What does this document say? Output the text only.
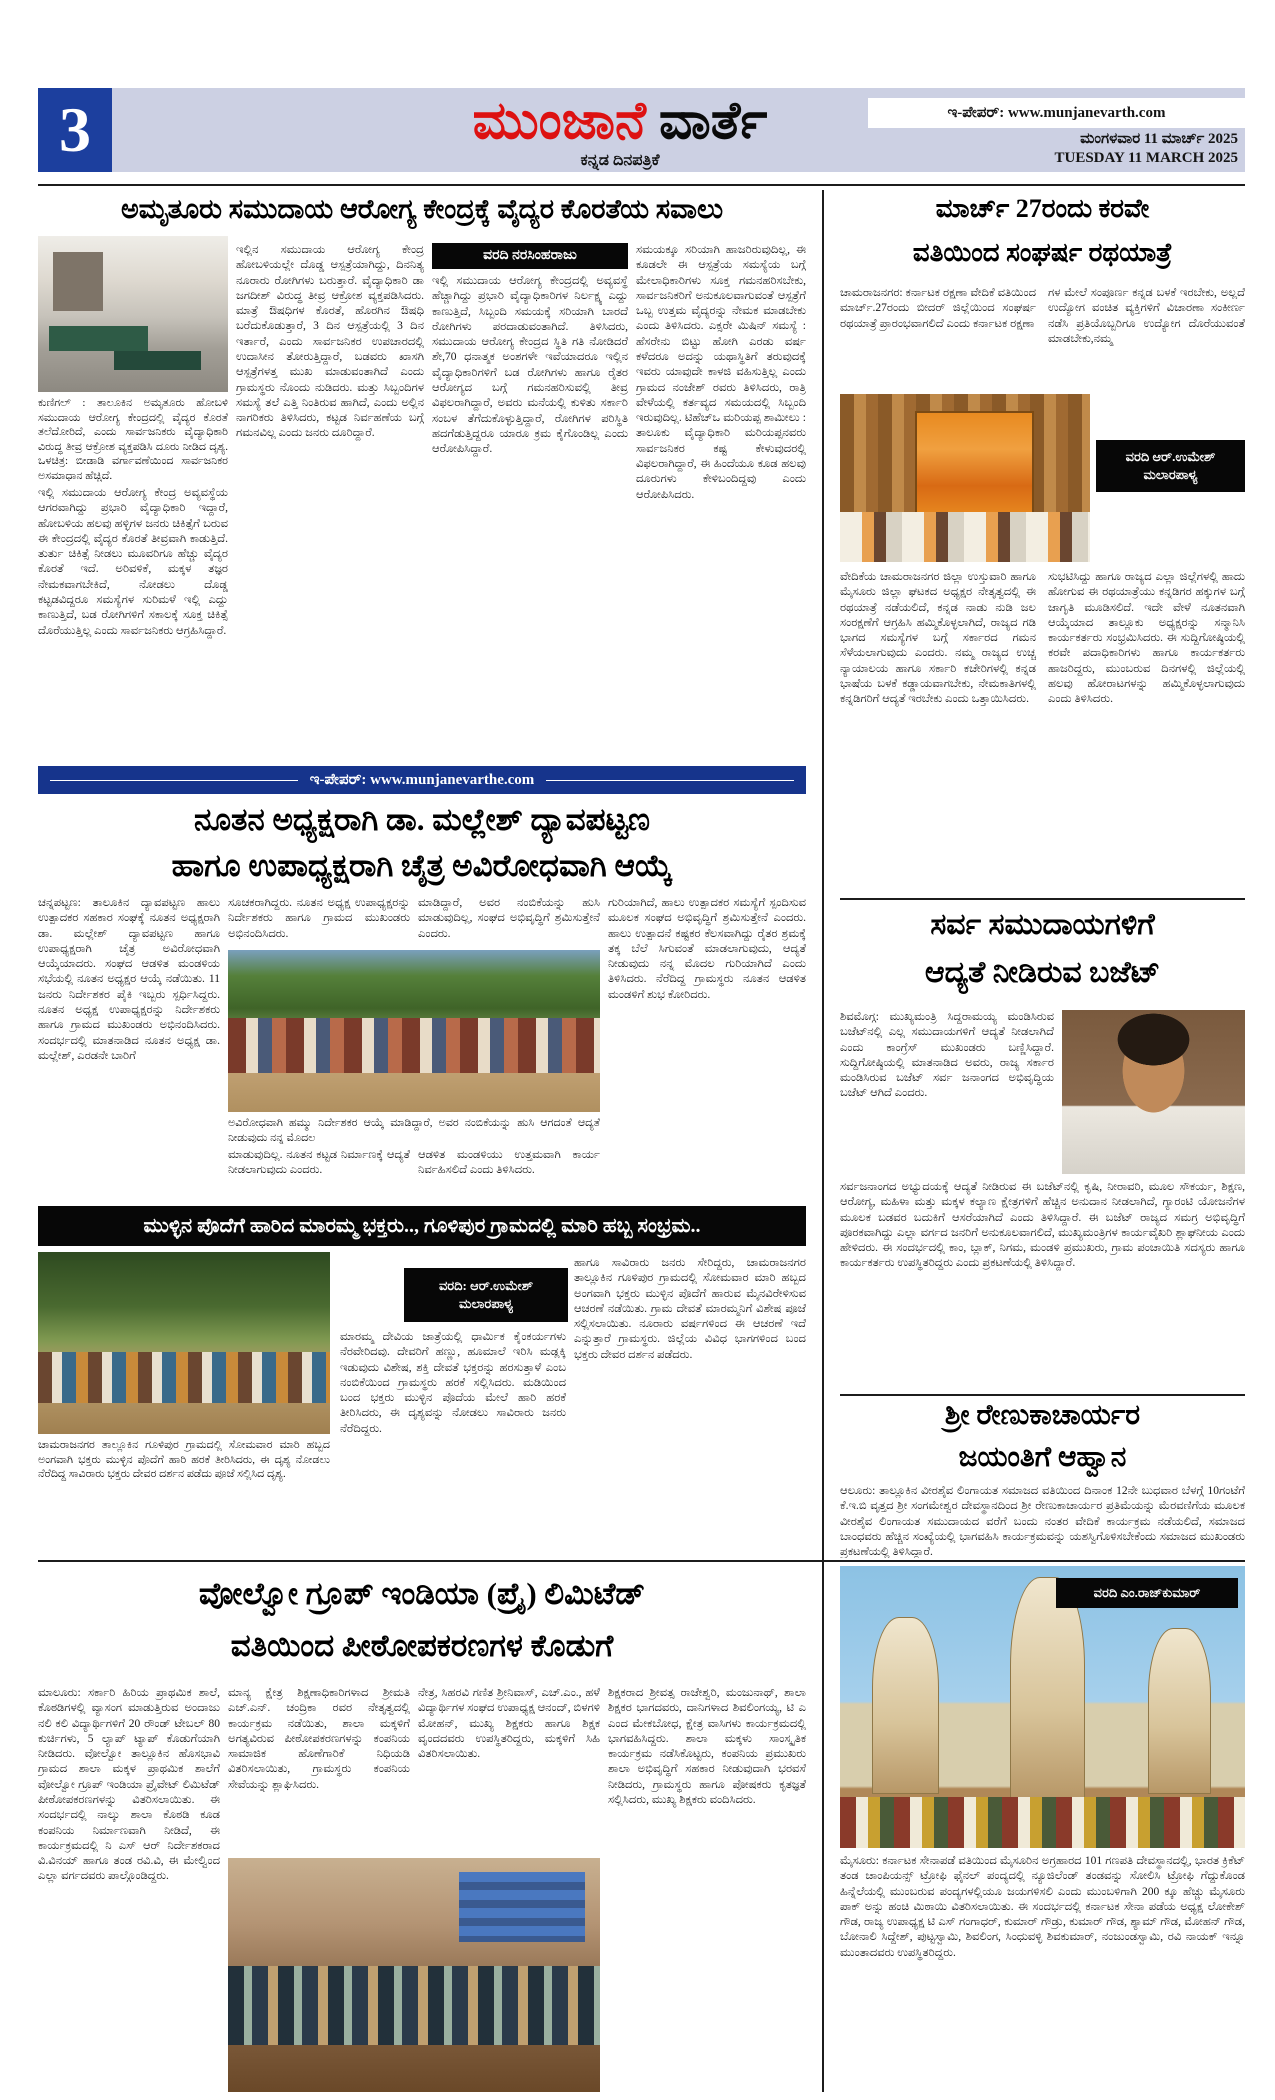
3	ಮುಂಜಾನೆ ವಾರ್ತೆ
ಕನ್ನಡ ದಿನಪತ್ರಿಕೆ
ಇ-ಪೇಪರ್: www.munjanevarth.com
ಮಂಗಳವಾರ 11 ಮಾರ್ಚ್ 2025
TUESDAY 11 MARCH 2025
ಅಮೃತೂರು ಸಮುದಾಯ ಆರೋಗ್ಯ ಕೇಂದ್ರಕ್ಕೆ ವೈದ್ಯರ ಕೊರತೆಯ ಸವಾಲು
ವರದಿ ನರಸಿಂಹರಾಜು
ಕುಣಿಗಲ್ : ತಾಲೂಕಿನ ಅಮೃತೂರು ಹೋಬಳಿ ಸಮುದಾಯ ಆರೋಗ್ಯ ಕೇಂದ್ರದಲ್ಲಿ ವೈದ್ಯರ ಕೊರತೆ ತಲೆದೋರಿದೆ, ಎಂದು ಸಾರ್ವಜನಿಕರು ವೈದ್ಯಾಧಿಕಾರಿ ವಿರುದ್ಧ ತೀವ್ರ ಆಕ್ರೋಶ ವ್ಯಕ್ತಪಡಿಸಿ ದೂರು ನೀಡಿದ ದೃಶ್ಯ. ಒಳಚಿತ್ರ: ಬೀಡಾಡಿ ವರ್ಗಾವಣೆಯಿಂದ ಸಾರ್ವಜನಿಕರ ಅಸಮಾಧಾನ ಹೆಚ್ಚಿದೆ.
ಇಲ್ಲಿ ಸಮುದಾಯ ಆರೋಗ್ಯ ಕೇಂದ್ರ ಅವ್ಯವಸ್ಥೆಯ ಆಗರವಾಗಿದ್ದು ಪ್ರಭಾರಿ ವೈದ್ಯಾಧಿಕಾರಿ ಇದ್ದಾರೆ, ಹೋಬಳಿಯ ಹಲವು ಹಳ್ಳಿಗಳ ಜನರು ಚಿಕಿತ್ಸೆಗೆ ಬರುವ ಈ ಕೇಂದ್ರದಲ್ಲಿ ವೈದ್ಯರ ಕೊರತೆ ತೀವ್ರವಾಗಿ ಕಾಡುತ್ತಿದೆ. ತುರ್ತು ಚಿಕಿತ್ಸೆ ನೀಡಲು ಮೂವರಿಗೂ ಹೆಚ್ಚು ವೈದ್ಯರ ಕೊರತೆ ಇದೆ. ಅರಿವಳಿಕೆ, ಮಕ್ಕಳ ತಜ್ಞರ ನೇಮಕವಾಗಬೇಕಿದೆ, ನೋಡಲು ದೊಡ್ಡ ಕಟ್ಟಡವಿದ್ದರೂ ಸಮಸ್ಯೆಗಳ ಸುರಿಮಳೆ ಇಲ್ಲಿ ಎದ್ದು ಕಾಣುತ್ತಿದೆ, ಬಡ ರೋಗಿಗಳಿಗೆ ಸಕಾಲಕ್ಕೆ ಸೂಕ್ತ ಚಿಕಿತ್ಸೆ ದೊರೆಯುತ್ತಿಲ್ಲ ಎಂದು ಸಾರ್ವಜನಿಕರು ಆಗ್ರಹಿಸಿದ್ದಾರೆ.
ಇಲ್ಲಿನ ಸಮುದಾಯ ಆರೋಗ್ಯ ಕೇಂದ್ರ ಹೋಬಳಿಯಲ್ಲೇ ದೊಡ್ಡ ಆಸ್ಪತ್ರೆಯಾಗಿದ್ದು, ದಿನನಿತ್ಯ ನೂರಾರು ರೋಗಿಗಳು ಬರುತ್ತಾರೆ. ವೈದ್ಯಾಧಿಕಾರಿ ಡಾ ಜಗದೀಶ್ ವಿರುದ್ಧ ತೀವ್ರ ಆಕ್ರೋಶ ವ್ಯಕ್ತಪಡಿಸಿದರು. ಮಾತ್ರೆ ಔಷಧಿಗಳ ಕೊರತೆ, ಹೊರಗಿನ ಔಷಧಿ ಬರೆದುಕೊಡುತ್ತಾರೆ, 3 ದಿನ ಆಸ್ಪತ್ರೆಯಲ್ಲಿ 3 ದಿನ ಇರ್ತಾರೆ, ಎಂದು ಸಾರ್ವಜನಿಕರ ಉಪಚಾರದಲ್ಲಿ ಉದಾಸೀನ ತೋರುತ್ತಿದ್ದಾರೆ, ಬಡವರು ಖಾಸಗಿ ಆಸ್ಪತ್ರೆಗಳತ್ತ ಮುಖ ಮಾಡುವಂತಾಗಿದೆ ಎಂದು ಗ್ರಾಮಸ್ಥರು ನೊಂದು ನುಡಿದರು. ಮತ್ತು ಸಿಬ್ಬಂದಿಗಳ ಸಮಸ್ಯೆ ತಲೆ ಎತ್ತಿ ನಿಂತಿರುವ ಹಾಗಿದೆ, ಎಂದು ಅಲ್ಲಿನ ನಾಗರಿಕರು ತಿಳಿಸಿದರು, ಕಟ್ಟಡ ನಿರ್ವಹಣೆಯ ಬಗ್ಗೆ ಗಮನವಿಲ್ಲ ಎಂದು ಜನರು ದೂರಿದ್ದಾರೆ.
ಇಲ್ಲಿ ಸಮುದಾಯ ಆರೋಗ್ಯ ಕೇಂದ್ರದಲ್ಲಿ ಅವ್ಯವಸ್ಥೆ ಹೆಚ್ಚಾಗಿದ್ದು ಪ್ರಭಾರಿ ವೈದ್ಯಾಧಿಕಾರಿಗಳ ನಿರ್ಲಕ್ಷ್ಯ ಎದ್ದು ಕಾಣುತ್ತಿದೆ, ಸಿಬ್ಬಂದಿ ಸಮಯಕ್ಕೆ ಸರಿಯಾಗಿ ಬಾರದೆ ರೋಗಿಗಳು ಪರದಾಡುವಂತಾಗಿದೆ. ತಿಳಿಸಿದರು, ಸಮುದಾಯ ಆರೋಗ್ಯ ಕೇಂದ್ರದ ಸ್ಥಿತಿ ಗತಿ ನೋಡಿದರೆ ಶೇ,70 ಧನಾತ್ಮಕ ಅಂಶಗಳೇ ಇವೆಯಾದರೂ ಇಲ್ಲಿನ ವೈದ್ಯಾಧಿಕಾರಿಗಳಿಗೆ ಬಡ ರೋಗಿಗಳು ಹಾಗೂ ರೈತರ ಆರೋಗ್ಯದ ಬಗ್ಗೆ ಗಮನಹರಿಸುವಲ್ಲಿ ತೀವ್ರ ವಿಫಲರಾಗಿದ್ದಾರೆ, ಅವರು ಮನೆಯಲ್ಲಿ ಕುಳಿತು ಸರ್ಕಾರಿ ಸಂಬಳ ತೆಗೆದುಕೊಳ್ಳುತ್ತಿದ್ದಾರೆ, ರೋಗಿಗಳ ಪರಿಸ್ಥಿತಿ ಹದಗೆಡುತ್ತಿದ್ದರೂ ಯಾರೂ ಕ್ರಮ ಕೈಗೊಂಡಿಲ್ಲ ಎಂದು ಆರೋಪಿಸಿದ್ದಾರೆ.
ಸಮಯಕ್ಕೂ ಸರಿಯಾಗಿ ಹಾಜರಿರುವುದಿಲ್ಲ, ಈ ಕೂಡಲೇ ಈ ಆಸ್ಪತ್ರೆಯ ಸಮಸ್ಯೆಯ ಬಗ್ಗೆ ಮೇಲಾಧಿಕಾರಿಗಳು ಸೂಕ್ತ ಗಮನಹರಿಸಬೇಕು, ಸಾರ್ವಜನಿಕರಿಗೆ ಅನುಕೂಲವಾಗುವಂತೆ ಆಸ್ಪತ್ರೆಗೆ ಒಬ್ಬ ಉತ್ತಮ ವೈದ್ಯರನ್ನು ನೇಮಕ ಮಾಡಬೇಕು ಎಂದು ತಿಳಿಸಿದರು. ಎಕ್ಸರೇ ಮಿಷಿನ್ ಸಮಸ್ಯೆ : ಹೆಸರೇನು ಬಿಟ್ಟು ಹೋಗಿ ಎರಡು ವರ್ಷ ಕಳೆದರೂ ಅದನ್ನು ಯಥಾಸ್ಥಿತಿಗೆ ತರುವುದಕ್ಕೆ ಇವರು ಯಾವುದೇ ಕಾಳಜಿ ವಹಿಸುತ್ತಿಲ್ಲ ಎಂದು ಗ್ರಾಮದ ನಂಜೇಶ್ ರವರು ತಿಳಿಸಿದರು, ರಾತ್ರಿ ವೇಳೆಯಲ್ಲಿ ಕರ್ತವ್ಯದ ಸಮಯದಲ್ಲಿ ಸಿಬ್ಬಂದಿ ಇರುವುದಿಲ್ಲ. ಟಿಹೆಚ್‌ಒ ಮರಿಯಪ್ಪ ಶಾಮೀಲು : ತಾಲೂಕು ವೈದ್ಯಾಧಿಕಾರಿ ಮರಿಯಪ್ಪನವರು ಸಾರ್ವಜನಿಕರ ಕಷ್ಟ ಕೇಳುವುದರಲ್ಲಿ ವಿಫಲರಾಗಿದ್ದಾರೆ, ಈ ಹಿಂದೆಯೂ ಕೂಡ ಹಲವು ದೂರುಗಳು ಕೇಳಿಬಂದಿದ್ದವು ಎಂದು ಆರೋಪಿಸಿದರು.
ಮಾರ್ಚ್ 27ರಂದು ಕರವೇ
ವತಿಯಿಂದ ಸಂಘರ್ಷ ರಥಯಾತ್ರೆ
ಚಾಮರಾಜನಗರ: ಕರ್ನಾಟಕ ರಕ್ಷಣಾ ವೇದಿಕೆ ವತಿಯಿಂದ ಮಾರ್ಚ್.27ರಂದು ಬೀದರ್ ಜಿಲ್ಲೆಯಿಂದ ಸಂಘರ್ಷ ರಥಯಾತ್ರೆ ಪ್ರಾರಂಭವಾಗಲಿದೆ ಎಂದು ಕರ್ನಾಟಕ ರಕ್ಷಣಾ
ಗಳ ಮೇಲೆ ಸಂಪೂರ್ಣ ಕನ್ನಡ ಬಳಕೆ ಇರಬೇಕು, ಅಲ್ಲದೆ ಉದ್ಯೋಗ ವಂಚಿತ ವ್ಯಕ್ತಿಗಳಿಗೆ ವಿಚಾರಣಾ ಸಂಕೀರ್ಣ ನಡೆಸಿ ಪ್ರತಿಯೊಬ್ಬರಿಗೂ ಉದ್ಯೋಗ ದೊರೆಯುವಂತೆ ಮಾಡಬೇಕು,ನಮ್ಮ
ವರದಿ ಆರ್.ಉಮೇಶ್
ಮಲಾರಪಾಳ್ಯ
ವೇದಿಕೆಯ ಚಾಮರಾಜನಗರ ಜಿಲ್ಲಾ ಉಸ್ತುವಾರಿ ಹಾಗೂ ಮೈಸೂರು ಜಿಲ್ಲಾ ಘಟಕದ ಅಧ್ಯಕ್ಷರ ನೇತೃತ್ವದಲ್ಲಿ ಈ ರಥಯಾತ್ರೆ ನಡೆಯಲಿದೆ, ಕನ್ನಡ ನಾಡು ನುಡಿ ಜಲ ಸಂರಕ್ಷಣೆಗೆ ಆಗ್ರಹಿಸಿ ಹಮ್ಮಿಕೊಳ್ಳಲಾಗಿದೆ, ರಾಜ್ಯದ ಗಡಿ ಭಾಗದ ಸಮಸ್ಯೆಗಳ ಬಗ್ಗೆ ಸರ್ಕಾರದ ಗಮನ ಸೆಳೆಯಲಾಗುವುದು ಎಂದರು. ನಮ್ಮ ರಾಜ್ಯದ ಉಚ್ಚ ನ್ಯಾಯಾಲಯ ಹಾಗೂ ಸರ್ಕಾರಿ ಕಚೇರಿಗಳಲ್ಲಿ ಕನ್ನಡ ಭಾಷೆಯ ಬಳಕೆ ಕಡ್ಡಾಯವಾಗಬೇಕು, ನೇಮಕಾತಿಗಳಲ್ಲಿ ಕನ್ನಡಿಗರಿಗೆ ಆದ್ಯತೆ ಇರಬೇಕು ಎಂದು ಒತ್ತಾಯಿಸಿದರು.
ಸುಭಟಿಸಿದ್ದು ಹಾಗೂ ರಾಜ್ಯದ ಎಲ್ಲಾ ಜಿಲ್ಲೆಗಳಲ್ಲಿ ಹಾದು ಹೋಗುವ ಈ ರಥಯಾತ್ರೆಯು ಕನ್ನಡಿಗರ ಹಕ್ಕುಗಳ ಬಗ್ಗೆ ಜಾಗೃತಿ ಮೂಡಿಸಲಿದೆ. ಇದೇ ವೇಳೆ ನೂತನವಾಗಿ ಆಯ್ಕೆಯಾದ ತಾಲ್ಲೂಕು ಅಧ್ಯಕ್ಷರನ್ನು ಸನ್ಮಾನಿಸಿ ಕಾರ್ಯಕರ್ತರು ಸಂಭ್ರಮಿಸಿದರು. ಈ ಸುದ್ದಿಗೋಷ್ಠಿಯಲ್ಲಿ ಕರವೇ ಪದಾಧಿಕಾರಿಗಳು ಹಾಗೂ ಕಾರ್ಯಕರ್ತರು ಹಾಜರಿದ್ದರು, ಮುಂಬರುವ ದಿನಗಳಲ್ಲಿ ಜಿಲ್ಲೆಯಲ್ಲಿ ಹಲವು ಹೋರಾಟಗಳನ್ನು ಹಮ್ಮಿಕೊಳ್ಳಲಾಗುವುದು ಎಂದು ತಿಳಿಸಿದರು.
ಇ-ಪೇಪರ್: www.munjanevarthe.com
ನೂತನ ಅಧ್ಯಕ್ಷರಾಗಿ ಡಾ. ಮಲ್ಲೇಶ್ ದ್ಯಾವಪಟ್ಟಣ
ಹಾಗೂ ಉಪಾಧ್ಯಕ್ಷರಾಗಿ ಚೈತ್ರ ಅವಿರೋಧವಾಗಿ ಆಯ್ಕೆ
ಚನ್ನಪಟ್ಟಣ: ತಾಲೂಕಿನ ದ್ಯಾವಪಟ್ಟಣ ಹಾಲು ಉತ್ಪಾದಕರ ಸಹಕಾರ ಸಂಘಕ್ಕೆ ನೂತನ ಅಧ್ಯಕ್ಷರಾಗಿ ಡಾ. ಮಲ್ಲೇಶ್ ದ್ಯಾವಪಟ್ಟಣ ಹಾಗೂ ಉಪಾಧ್ಯಕ್ಷರಾಗಿ ಚೈತ್ರ ಅವಿರೋಧವಾಗಿ ಆಯ್ಕೆಯಾದರು. ಸಂಘದ ಆಡಳಿತ ಮಂಡಳಿಯ ಸಭೆಯಲ್ಲಿ ನೂತನ ಅಧ್ಯಕ್ಷರ ಆಯ್ಕೆ ನಡೆಯಿತು. 11 ಜನರು ನಿರ್ದೇಶಕರ ಪೈಕಿ ಇಬ್ಬರು ಸ್ಪರ್ಧಿಸಿದ್ದರು. ನೂತನ ಅಧ್ಯಕ್ಷ ಉಪಾಧ್ಯಕ್ಷರನ್ನು ನಿರ್ದೇಶಕರು ಹಾಗೂ ಗ್ರಾಮದ ಮುಖಂಡರು ಅಭಿನಂದಿಸಿದರು. ಸಂದರ್ಭದಲ್ಲಿ ಮಾತನಾಡಿದ ನೂತನ ಅಧ್ಯಕ್ಷ ಡಾ. ಮಲ್ಲೇಶ್, ಎರಡನೇ ಬಾರಿಗೆ
ಸೂಚಕರಾಗಿದ್ದರು. ನೂತನ ಅಧ್ಯಕ್ಷ ಉಪಾಧ್ಯಕ್ಷರನ್ನು ನಿರ್ದೇಶಕರು ಹಾಗೂ ಗ್ರಾಮದ ಮುಖಂಡರು ಅಭಿನಂದಿಸಿದರು.
ಮಾಡಿದ್ದಾರೆ, ಅವರ ನಂಬಿಕೆಯನ್ನು ಹುಸಿ ಮಾಡುವುದಿಲ್ಲ, ಸಂಘದ ಅಭಿವೃದ್ಧಿಗೆ ಶ್ರಮಿಸುತ್ತೇನೆ ಎಂದರು.
ಅವಿರೋಧವಾಗಿ ಹಮ್ಮು ನಿರ್ದೇಶಕರ ಆಯ್ಕೆ ಮಾಡಿದ್ದಾರೆ, ಅವರ ನಂಬಿಕೆಯನ್ನು ಹುಸಿ ಆಗದಂತೆ ಆದ್ಯತೆ ನೀಡುವುದು ನನ್ನ ಮೊದಲ
ಮಾಡುವುದಿಲ್ಲ. ನೂತನ ಕಟ್ಟಡ ನಿರ್ಮಾಣಕ್ಕೆ ಆದ್ಯತೆ ನೀಡಲಾಗುವುದು ಎಂದರು.
ಆಡಳಿತ ಮಂಡಳಿಯು ಉತ್ತಮವಾಗಿ ಕಾರ್ಯ ನಿರ್ವಹಿಸಲಿದೆ ಎಂದು ತಿಳಿಸಿದರು.
ಗುರಿಯಾಗಿದೆ, ಹಾಲು ಉತ್ಪಾದಕರ ಸಮಸ್ಯೆಗೆ ಸ್ಪಂದಿಸುವ ಮೂಲಕ ಸಂಘದ ಅಭಿವೃದ್ಧಿಗೆ ಶ್ರಮಿಸುತ್ತೇನೆ ಎಂದರು. ಹಾಲು ಉತ್ಪಾದನೆ ಕಷ್ಟಕರ ಕೆಲಸವಾಗಿದ್ದು ರೈತರ ಶ್ರಮಕ್ಕೆ ತಕ್ಕ ಬೆಲೆ ಸಿಗುವಂತೆ ಮಾಡಲಾಗುವುದು, ಆದ್ಯತೆ ನೀಡುವುದು ನನ್ನ ಮೊದಲ ಗುರಿಯಾಗಿದೆ ಎಂದು ತಿಳಿಸಿದರು. ನೆರೆದಿದ್ದ ಗ್ರಾಮಸ್ಥರು ನೂತನ ಆಡಳಿತ ಮಂಡಳಿಗೆ ಶುಭ ಕೋರಿದರು.
ಸರ್ವ ಸಮುದಾಯಗಳಿಗೆ
ಆದ್ಯತೆ ನೀಡಿರುವ ಬಜೆಟ್
ಶಿವಮೊಗ್ಗ: ಮುಖ್ಯಮಂತ್ರಿ ಸಿದ್ದರಾಮಯ್ಯ ಮಂಡಿಸಿರುವ ಬಜೆಟ್‌ನಲ್ಲಿ ಎಲ್ಲ ಸಮುದಾಯಗಳಿಗೆ ಆದ್ಯತೆ ನೀಡಲಾಗಿದೆ ಎಂದು ಕಾಂಗ್ರೆಸ್ ಮುಖಂಡರು ಬಣ್ಣಿಸಿದ್ದಾರೆ. ಸುದ್ದಿಗೋಷ್ಠಿಯಲ್ಲಿ ಮಾತನಾಡಿದ ಅವರು, ರಾಜ್ಯ ಸರ್ಕಾರ ಮಂಡಿಸಿರುವ ಬಜೆಟ್ ಸರ್ವ ಜನಾಂಗದ ಅಭಿವೃದ್ಧಿಯ ಬಜೆಟ್ ಆಗಿದೆ ಎಂದರು.
ಸರ್ವಜನಾಂಗದ ಅಭ್ಯುದಯಕ್ಕೆ ಆದ್ಯತೆ ನೀಡಿರುವ ಈ ಬಜೆಟ್‌ನಲ್ಲಿ ಕೃಷಿ, ನೀರಾವರಿ, ಮೂಲ ಸೌಕರ್ಯ, ಶಿಕ್ಷಣ, ಆರೋಗ್ಯ, ಮಹಿಳಾ ಮತ್ತು ಮಕ್ಕಳ ಕಲ್ಯಾಣ ಕ್ಷೇತ್ರಗಳಿಗೆ ಹೆಚ್ಚಿನ ಅನುದಾನ ನೀಡಲಾಗಿದೆ, ಗ್ಯಾರಂಟಿ ಯೋಜನೆಗಳ ಮೂಲಕ ಬಡವರ ಬದುಕಿಗೆ ಆಸರೆಯಾಗಿದೆ ಎಂದು ತಿಳಿಸಿದ್ದಾರೆ. ಈ ಬಜೆಟ್ ರಾಜ್ಯದ ಸಮಗ್ರ ಅಭಿವೃದ್ಧಿಗೆ ಪೂರಕವಾಗಿದ್ದು ಎಲ್ಲಾ ವರ್ಗದ ಜನರಿಗೆ ಅನುಕೂಲವಾಗಲಿದೆ, ಮುಖ್ಯಮಂತ್ರಿಗಳ ಕಾರ್ಯವೈಖರಿ ಶ್ಲಾಘನೀಯ ಎಂದು ಹೇಳಿದರು. ಈ ಸಂದರ್ಭದಲ್ಲಿ ಕಾಂ, ಬ್ಲಾಕ್, ನಿಗಮ, ಮಂಡಳಿ ಪ್ರಮುಖರು, ಗ್ರಾಮ ಪಂಚಾಯಿತಿ ಸದಸ್ಯರು ಹಾಗೂ ಕಾರ್ಯಕರ್ತರು ಉಪಸ್ಥಿತರಿದ್ದರು ಎಂದು ಪ್ರಕಟಣೆಯಲ್ಲಿ ತಿಳಿಸಿದ್ದಾರೆ.
ಮುಳ್ಳಿನ ಪೊದೆಗೆ ಹಾರಿದ ಮಾರಮ್ಮ ಭಕ್ತರು.., ಗೂಳಿಪುರ ಗ್ರಾಮದಲ್ಲಿ ಮಾರಿ ಹಬ್ಬ ಸಂಭ್ರಮ..
ಚಾಮರಾಜನಗರ ತಾಲ್ಲೂಕಿನ ಗೂಳಿಪುರ ಗ್ರಾಮದಲ್ಲಿ ಸೋಮವಾರ ಮಾರಿ ಹಬ್ಬದ ಅಂಗವಾಗಿ ಭಕ್ತರು ಮುಳ್ಳಿನ ಪೊದೆಗೆ ಹಾರಿ ಹರಕೆ ತೀರಿಸಿದರು, ಈ ದೃಶ್ಯ ನೋಡಲು ನೆರೆದಿದ್ದ ಸಾವಿರಾರು ಭಕ್ತರು ದೇವರ ದರ್ಶನ ಪಡೆದು ಪೂಜೆ ಸಲ್ಲಿಸಿದ ದೃಶ್ಯ.
ವರದಿ: ಆರ್.ಉಮೇಶ್
ಮಲಾರಪಾಳ್ಯ
ಮಾರಮ್ಮ ದೇವಿಯ ಜಾತ್ರೆಯಲ್ಲಿ ಧಾರ್ಮಿಕ ಕೈಂಕರ್ಯಗಳು ನೆರವೇರಿದವು. ದೇವರಿಗೆ ಹಣ್ಣು, ಹೂಮಾಲೆ ಇರಿಸಿ ಮಡ್ಲಕ್ಕಿ ಇಡುವುದು ವಿಶೇಷ, ಶಕ್ತಿ ದೇವತೆ ಭಕ್ತರನ್ನು ಹರಸುತ್ತಾಳೆ ಎಂಬ ನಂಬಿಕೆಯಿಂದ ಗ್ರಾಮಸ್ಥರು ಹರಕೆ ಸಲ್ಲಿಸಿದರು. ಮಡಿಯಿಂದ ಬಂದ ಭಕ್ತರು ಮುಳ್ಳಿನ ಪೊದೆಯ ಮೇಲೆ ಹಾರಿ ಹರಕೆ ತೀರಿಸಿದರು, ಈ ದೃಶ್ಯವನ್ನು ನೋಡಲು ಸಾವಿರಾರು ಜನರು ನೆರೆದಿದ್ದರು.
ಹಾಗೂ ಸಾವಿರಾರು ಜನರು ಸೇರಿದ್ದರು, ಚಾಮರಾಜನಗರ ತಾಲ್ಲೂಕಿನ ಗೂಳಿಪುರ ಗ್ರಾಮದಲ್ಲಿ ಸೋಮವಾರ ಮಾರಿ ಹಬ್ಬದ ಅಂಗವಾಗಿ ಭಕ್ತರು ಮುಳ್ಳಿನ ಪೊದೆಗೆ ಹಾರುವ ಮೈನವಿರೇಳಿಸುವ ಆಚರಣೆ ನಡೆಯಿತು. ಗ್ರಾಮ ದೇವತೆ ಮಾರಮ್ಮನಿಗೆ ವಿಶೇಷ ಪೂಜೆ ಸಲ್ಲಿಸಲಾಯಿತು. ನೂರಾರು ವರ್ಷಗಳಿಂದ ಈ ಆಚರಣೆ ಇದೆ ಎನ್ನುತ್ತಾರೆ ಗ್ರಾಮಸ್ಥರು. ಜಿಲ್ಲೆಯ ವಿವಿಧ ಭಾಗಗಳಿಂದ ಬಂದ ಭಕ್ತರು ದೇವರ ದರ್ಶನ ಪಡೆದರು.
ಶ್ರೀ ರೇಣುಕಾಚಾರ್ಯರ
ಜಯಂತಿಗೆ ಆಹ್ವಾನ
ಆಲೂರು: ತಾಲ್ಲೂಕಿನ ವೀರಶೈವ ಲಿಂಗಾಯತ ಸಮಾಜದ ವತಿಯಿಂದ ದಿನಾಂಕ 12ನೇ ಬುಧವಾರ ಬೆಳಗ್ಗೆ 10ಗಂಟೆಗೆ ಕೆ.ಇ.ಬಿ ವೃತ್ತದ ಶ್ರೀ ಸಂಗಮೇಶ್ವರ ದೇವಸ್ಥಾನದಿಂದ ಶ್ರೀ ರೇಣುಕಾಚಾರ್ಯರ ಪ್ರತಿಮೆಯನ್ನು ಮೆರವಣಿಗೆಯ ಮೂಲಕ ವೀರಶೈವ ಲಿಂಗಾಯತ ಸಮುದಾಯದ ವರೆಗೆ ಬಂದು ನಂತರ ವೇದಿಕೆ ಕಾರ್ಯಕ್ರಮ ನಡೆಯಲಿದೆ, ಸಮಾಜದ ಬಾಂಧವರು ಹೆಚ್ಚಿನ ಸಂಖ್ಯೆಯಲ್ಲಿ ಭಾಗವಹಿಸಿ ಕಾರ್ಯಕ್ರಮವನ್ನು ಯಶಸ್ವಿಗೊಳಿಸಬೇಕೆಂದು ಸಮಾಜದ ಮುಖಂಡರು ಪ್ರಕಟಣೆಯಲ್ಲಿ ತಿಳಿಸಿದ್ದಾರೆ.
ವೋಲ್ವೋ ಗ್ರೂಪ್ ಇಂಡಿಯಾ (ಪ್ರೈ) ಲಿಮಿಟೆಡ್
ವತಿಯಿಂದ ಪೀಠೋಪಕರಣಗಳ ಕೊಡುಗೆ
ಮಾಲೂರು: ಸರ್ಕಾರಿ ಹಿರಿಯ ಪ್ರಾಥಮಿಕ ಶಾಲೆ, ಕೊಠಡಿಗಳಲ್ಲಿ ವ್ಯಾಸಂಗ ಮಾಡುತ್ತಿರುವ ಅಂದಾಜು ನಲಿ ಕಲಿ ವಿದ್ಯಾರ್ಥಿಗಳಿಗೆ 20 ರೌಂಡ್ ಟೇಬಲ್ 80 ಕುರ್ಚಿಗಳು, 5 ಲ್ಯಾಪ್ ಟ್ಯಾಪ್ ಕೊಡುಗೆಯಾಗಿ ನೀಡಿದರು. ವೋಲ್ವೋ ತಾಲ್ಲೂಕಿನ ಹೊಸಭಾವಿ ಗ್ರಾಮದ ಶಾಲಾ ಮಕ್ಕಳ ಪ್ರಾಥಮಿಕ ಶಾಲೆಗೆ ವೋಲ್ವೋ ಗ್ರೂಪ್ ಇಂಡಿಯಾ ಪ್ರೈವೇಟ್ ಲಿಮಿಟೆಡ್ ಪೀಠೋಪಕರಣಗಳನ್ನು ವಿತರಿಸಲಾಯಿತು. ಈ ಸಂದರ್ಭದಲ್ಲಿ ನಾಲ್ಕು ಶಾಲಾ ಕೊಠಡಿ ಕೂಡ ಕಂಪನಿಯ ನಿರ್ಮಾಣವಾಗಿ ನೀಡಿದೆ, ಈ ಕಾರ್ಯಕ್ರಮದಲ್ಲಿ ನಿ ಎಸ್ ಆರ್ ನಿರ್ದೇಶಕರಾದ ವಿ.ವಿನಯ್ ಹಾಗೂ ತಂಡ ರವಿ.ವಿ, ಈ ಮೇಲ್ವಿಂದ ಎಲ್ಲಾ ವರ್ಗದವರು ಪಾಲ್ಗೊಂಡಿದ್ದರು.
ಮಾನ್ಯ ಕ್ಷೇತ್ರ ಶಿಕ್ಷಣಾಧಿಕಾರಿಗಳಾದ ಶ್ರೀಮತಿ ಎಚ್.ಎನ್. ಚಂದ್ರಿಕಾ ರವರ ನೇತೃತ್ವದಲ್ಲಿ ಕಾರ್ಯಕ್ರಮ ನಡೆಯಿತು, ಶಾಲಾ ಮಕ್ಕಳಿಗೆ ಅಗತ್ಯವಿರುವ ಪೀಠೋಪಕರಣಗಳನ್ನು ಕಂಪನಿಯ ಸಾಮಾಜಿಕ ಹೊಣೆಗಾರಿಕೆ ನಿಧಿಯಡಿ ವಿತರಿಸಲಾಯಿತು, ಗ್ರಾಮಸ್ಥರು ಕಂಪನಿಯ ಸೇವೆಯನ್ನು ಶ್ಲಾಘಿಸಿದರು.
ನೇತ್ರ, ಸಿಹರವಿ ಗಣಿತ ಶ್ರೀನಿವಾಸ್, ಎಚ್.ಎಂ., ಹಳೆ ವಿದ್ಯಾರ್ಥಿಗಳ ಸಂಘದ ಉಪಾಧ್ಯಕ್ಷ ಆನಂದ್, ಬಿಳಗಳಿ ಮೋಹನ್, ಮುಖ್ಯ ಶಿಕ್ಷಕರು ಹಾಗೂ ಶಿಕ್ಷಕ ವೃಂದದವರು ಉಪಸ್ಥಿತರಿದ್ದರು, ಮಕ್ಕಳಿಗೆ ಸಿಹಿ ವಿತರಿಸಲಾಯಿತು.
ಶಿಕ್ಷಕರಾದ ಶ್ರೀವತ್ಸ ರಾಜೇಶ್ವರಿ, ಮಂಜುನಾಥ್, ಶಾಲಾ ಶಿಕ್ಷಕರ ಭಾಗದವರು, ದಾನಿಗಳಾದ ಶಿವಲಿಂಗಯ್ಯ, ಟಿ ಎ ಎಂದ ಮೇಕಬೋಧ, ಕ್ಷೇತ್ರ ವಾಸಿಗಳು ಕಾರ್ಯಕ್ರಮದಲ್ಲಿ ಭಾಗವಹಿಸಿದ್ದರು. ಶಾಲಾ ಮಕ್ಕಳು ಸಾಂಸ್ಕೃತಿಕ ಕಾರ್ಯಕ್ರಮ ನಡೆಸಿಕೊಟ್ಟರು, ಕಂಪನಿಯ ಪ್ರಮುಖರು ಶಾಲಾ ಅಭಿವೃದ್ಧಿಗೆ ಸಹಕಾರ ನೀಡುವುದಾಗಿ ಭರವಸೆ ನೀಡಿದರು, ಗ್ರಾಮಸ್ಥರು ಹಾಗೂ ಪೋಷಕರು ಕೃತಜ್ಞತೆ ಸಲ್ಲಿಸಿದರು, ಮುಖ್ಯ ಶಿಕ್ಷಕರು ವಂದಿಸಿದರು.
ವರದಿ ಎಂ.ರಾಜ್‌ಕುಮಾರ್
ಮೈಸೂರು: ಕರ್ನಾಟಕ ಸೇನಾಪಡೆ ವತಿಯಿಂದ ಮೈಸೂರಿನ ಅಗ್ರಹಾರದ 101 ಗಣಪತಿ ದೇವಸ್ಥಾನದಲ್ಲಿ, ಭಾರತ ಕ್ರಿಕೆಟ್ ತಂಡ ಚಾಂಪಿಯನ್ಸ್ ಟ್ರೋಫಿ ಫೈನಲ್ ಪಂದ್ಯದಲ್ಲಿ ನ್ಯೂಜಿಲೆಂಡ್ ತಂಡವನ್ನು ಸೋಲಿಸಿ ಟ್ರೋಫಿ ಗೆದ್ದುಕೊಂಡ ಹಿನ್ನೆಲೆಯಲ್ಲಿ ಮುಂಬರುವ ಪಂದ್ಯಗಳಲ್ಲಿಯೂ ಜಯಗಳಿಸಲಿ ಎಂದು ಮುಂಬಳಿಗಾಗಿ 200 ಕ್ಕೂ ಹೆಚ್ಚು ಮೈಸೂರು ಪಾಕ್ ಅನ್ನು ಹಂಚಿ ಮಿಠಾಯಿ ವಿತರಿಸಲಾಯಿತು. ಈ ಸಂದರ್ಭದಲ್ಲಿ ಕರ್ನಾಟಕ ಸೇನಾ ಪಡೆಯ ಅಧ್ಯಕ್ಷ ಲೋಕೇಶ್ ಗೌಡ, ರಾಜ್ಯ ಉಪಾಧ್ಯಕ್ಷ ಟಿ ಎಸ್ ಗಂಗಾಧರ್, ಕುಮಾರ್ ಗೌಡ್ರು, ಕುಮಾರ್ ಗೌಡ, ಶ್ಯಾಮ್ ಗೌಡ, ಮೋಹನ್ ಗೌಡ, ಬೋನಾಲಿ ಸಿದ್ದೇಶ್, ಪುಟ್ಟಸ್ವಾಮಿ, ಶಿವಲಿಂಗ, ಸಿಂಧುವಳ್ಳಿ ಶಿವಕುಮಾರ್, ನಂಜುಂಡಸ್ವಾಮಿ, ರವಿ ನಾಯಕ್ ಇನ್ನೂ ಮುಂತಾದವರು ಉಪಸ್ಥಿತರಿದ್ದರು.
